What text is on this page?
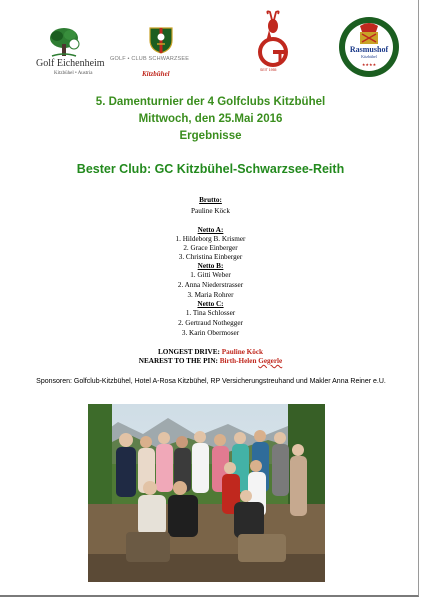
Golf Eichenheim
Kitzbühel • Austria
GOLF • CLUB SCHWARZSEE
Kitzbühel	SEIT 1955
Rasmushof
Kitzbühel
★★★★
5. Damenturnier der 4 Golfclubs Kitzbühel
Mittwoch, den 25.Mai 2016
Ergebnisse
Bester Club: GC Kitzbühel-Schwarzsee-Reith
Brutto:
Pauline Köck
Netto A:
1. Hildeborg B. Krismer
2. Grace Einberger
3. Christina Einberger
Netto B:
1. Gitti Weber
2. Anna Niederstrasser
3. Maria Rohrer
Netto C:
1. Tina Schlosser
2. Gertraud Nothegger
3. Karin Obermoser
LONGEST DRIVE: Pauline Köck
NEAREST TO THE PIN: Birth-Helen Gegerle
Sponsoren: Golfclub-Kitzbühel, Hotel A-Rosa Kitzbühel, RP Versicherungstreuhand und Makler Anna Reiner e.U.
